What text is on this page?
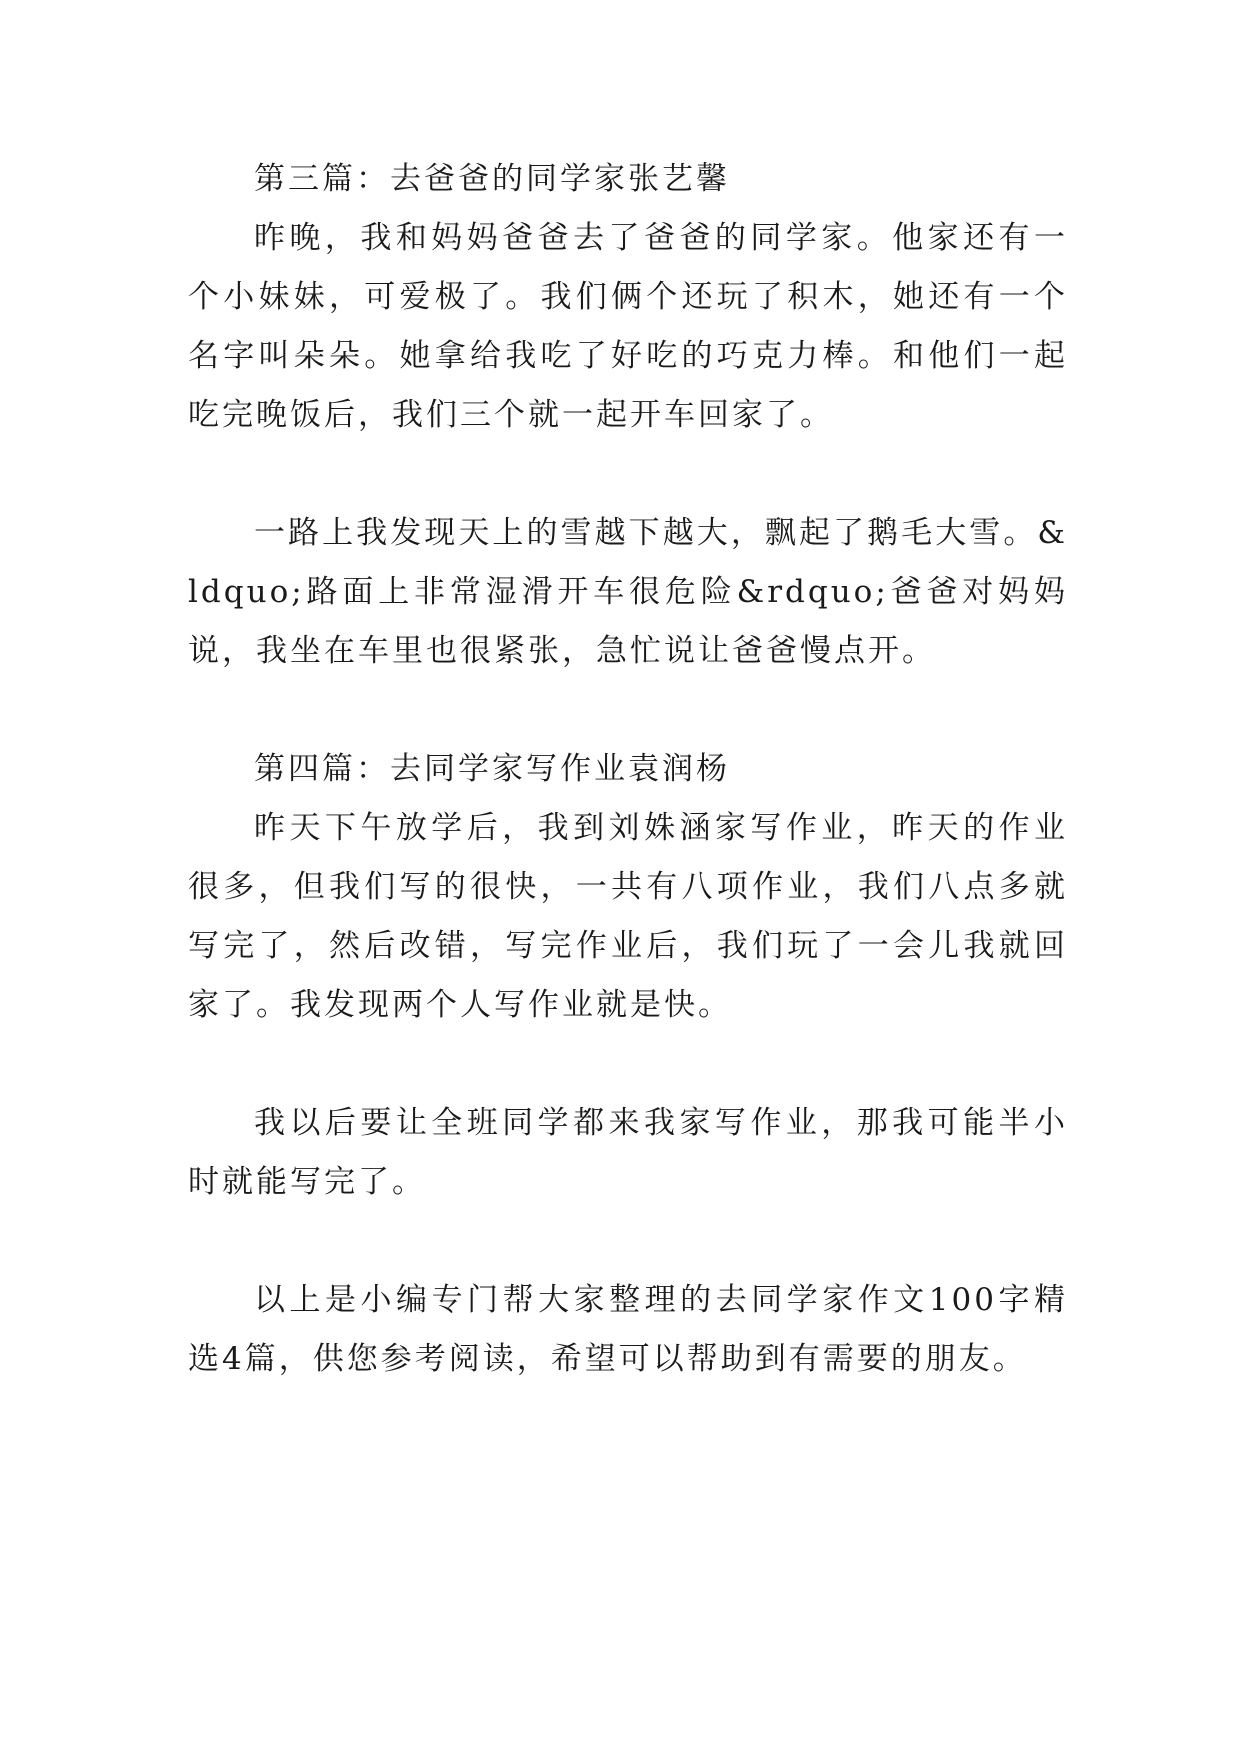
第三篇：去爸爸的同学家张艺馨

昨晚，我和妈妈爸爸去了爸爸的同学家。他家还有一个小妹妹，可爱极了。我们俩个还玩了积木，她还有一个名字叫朵朵。她拿给我吃了好吃的巧克力棒。和他们一起吃完晚饭后，我们三个就一起开车回家了。

一路上我发现天上的雪越下越大，飘起了鹅毛大雪。&ldquo;路面上非常湿滑开车很危险&rdquo;爸爸对妈妈说，我坐在车里也很紧张，急忙说让爸爸慢点开。

第四篇：去同学家写作业袁润杨

昨天下午放学后，我到刘姝涵家写作业，昨天的作业很多，但我们写的很快，一共有八项作业，我们八点多就写完了，然后改错，写完作业后，我们玩了一会儿我就回家了。我发现两个人写作业就是快。

我以后要让全班同学都来我家写作业，那我可能半小时就能写完了。

以上是小编专门帮大家整理的去同学家作文100字精选4篇，供您参考阅读，希望可以帮助到有需要的朋友。
